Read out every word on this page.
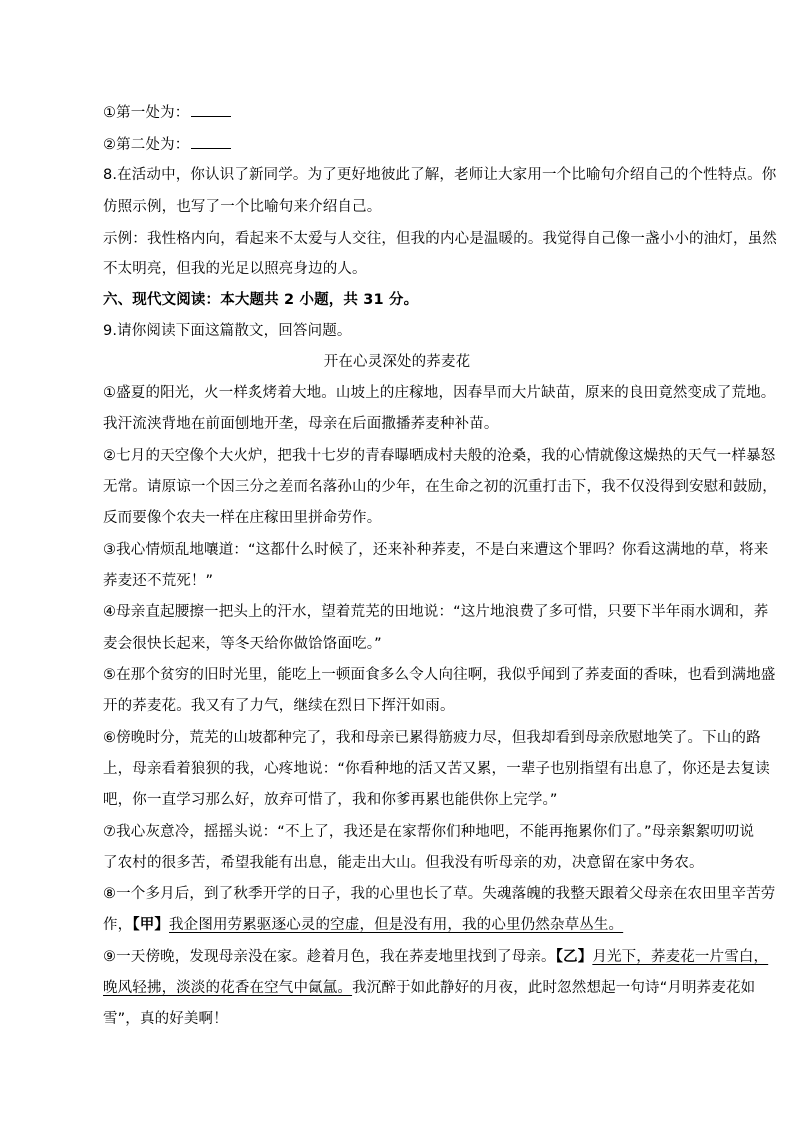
①第一处为：
②第二处为：
8.在活动中，你认识了新同学。为了更好地彼此了解，老师让大家用一个比喻句介绍自己的个性特点。你
仿照示例，也写了一个比喻句来介绍自己。
示例：我性格内向，看起来不太爱与人交往，但我的内心是温暖的。我觉得自己像一盏小小的油灯，虽然
不太明亮，但我的光足以照亮身边的人。
六、现代文阅读：本大题共 2 小题，共 31 分。
9.请你阅读下面这篇散文，回答问题。
开在心灵深处的荞麦花
①盛夏的阳光，火一样炙烤着大地。山坡上的庄稼地，因春旱而大片缺苗，原来的良田竟然变成了荒地。
我汗流浃背地在前面刨地开垄，母亲在后面撒播荞麦种补苗。
②七月的天空像个大火炉，把我十七岁的青春曝晒成村夫般的沧桑，我的心情就像这燥热的天气一样暴怒
无常。请原谅一个因三分之差而名落孙山的少年，在生命之初的沉重打击下，我不仅没得到安慰和鼓励，
反而要像个农夫一样在庄稼田里拼命劳作。
③我心情烦乱地嚷道：“这都什么时候了，还来补种荞麦，不是白来遭这个罪吗？你看这满地的草，将来
荞麦还不荒死！”
④母亲直起腰擦一把头上的汗水，望着荒芜的田地说：“这片地浪费了多可惜，只要下半年雨水调和，荞
麦会很快长起来，等冬天给你做饸饹面吃。”
⑤在那个贫穷的旧时光里，能吃上一顿面食多么令人向往啊，我似乎闻到了荞麦面的香味，也看到满地盛
开的荞麦花。我又有了力气，继续在烈日下挥汗如雨。
⑥傍晚时分，荒芜的山坡都种完了，我和母亲已累得筋疲力尽，但我却看到母亲欣慰地笑了。下山的路
上，母亲看着狼狈的我，心疼地说：“你看种地的活又苦又累，一辈子也别指望有出息了，你还是去复读
吧，你一直学习那么好，放弃可惜了，我和你爹再累也能供你上完学。”
⑦我心灰意冷，摇摇头说：“不上了，我还是在家帮你们种地吧，不能再拖累你们了。”母亲絮絮叨叨说
了农村的很多苦，希望我能有出息，能走出大山。但我没有听母亲的劝，决意留在家中务农。
⑧一个多月后，到了秋季开学的日子，我的心里也长了草。失魂落魄的我整天跟着父母亲在农田里辛苦劳
作，【甲】我企图用劳累驱逐心灵的空虚，但是没有用，我的心里仍然杂草丛生。
⑨一天傍晚，发现母亲没在家。趁着月色，我在荞麦地里找到了母亲。【乙】月光下，荞麦花一片雪白，
晚风轻拂，淡淡的花香在空气中氤氲。我沉醉于如此静好的月夜，此时忽然想起一句诗“月明荞麦花如
雪”，真的好美啊！
